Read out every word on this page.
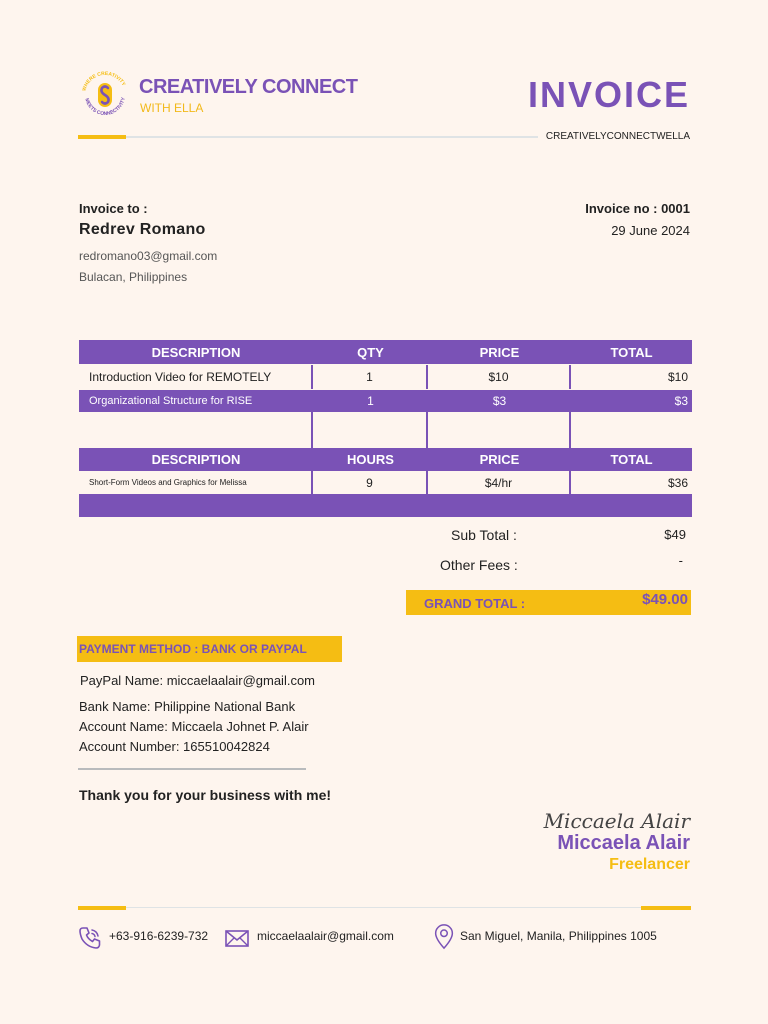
WHERE CREATIVITY
MEETS CONNECTIVITY
CREATIVELY CONNECT
WITH ELLA	INVOICE
CREATIVELYCONNECTWELLA
Invoice to :
Redrev Romano
redromano03@gmail.com
Bulacan, Philippines
Invoice no : 0001
29 June 2024
DESCRIPTION	QTY	PRICE	TOTAL
Introduction Video for REMOTELY	1	$10	$10
Organizational Structure for RISE	1	$3	$3
DESCRIPTION	HOURS	PRICE	TOTAL
Short-Form Videos and Graphics for Melissa	9	$4/hr	$36
Sub Total :	$49
Other Fees :	-
GRAND TOTAL :	$49.00
PAYMENT METHOD : BANK OR PAYPAL
PayPal Name: miccaelaalair@gmail.com
Bank Name: Philippine National Bank
Account Name: Miccaela Johnet P. Alair
Account Number: 165510042824
Thank you for your business with me!
Miccaela Alair
Miccaela Alair
Freelancer
+63-916-6239-732	miccaelaalair@gmail.com	San Miguel, Manila, Philippines 1005
